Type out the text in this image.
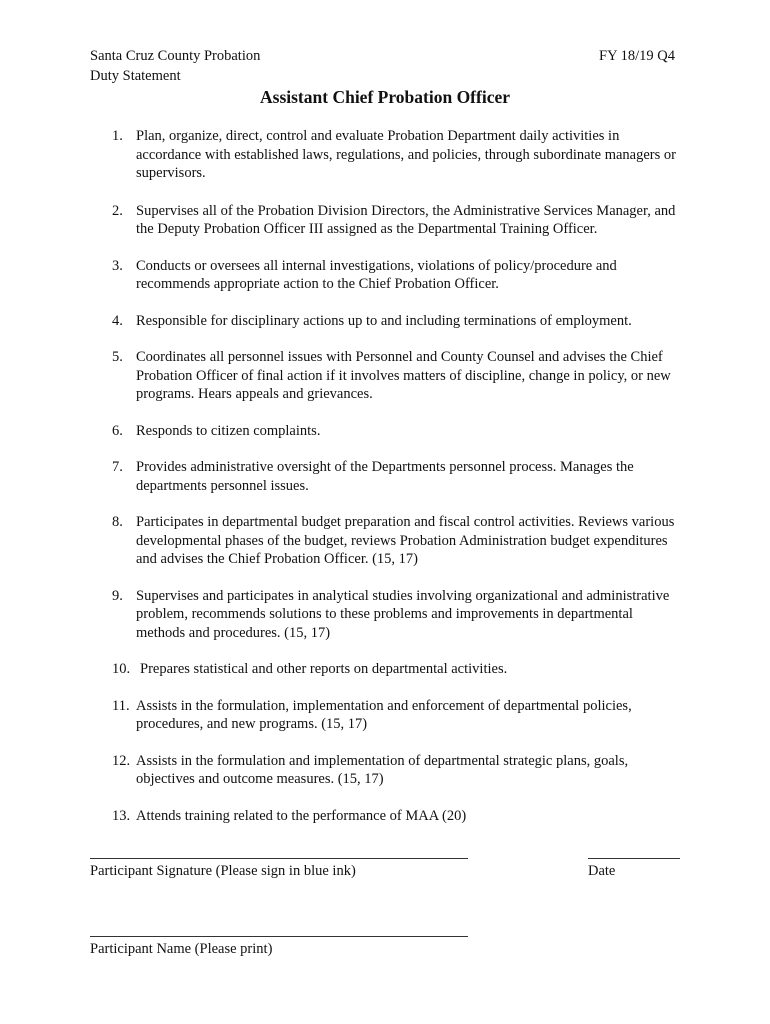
Santa Cruz County Probation
Duty Statement
FY 18/19 Q4
Assistant Chief Probation Officer
1. Plan, organize, direct, control and evaluate Probation Department daily activities in accordance with established laws, regulations, and policies, through subordinate managers or supervisors.
2. Supervises all of the Probation Division Directors, the Administrative Services Manager, and the Deputy Probation Officer III assigned as the Departmental Training Officer.
3. Conducts or oversees all internal investigations, violations of policy/procedure and recommends appropriate action to the Chief Probation Officer.
4. Responsible for disciplinary actions up to and including terminations of employment.
5. Coordinates all personnel issues with Personnel and County Counsel and advises the Chief Probation Officer of final action if it involves matters of discipline, change in policy, or new programs. Hears appeals and grievances.
6. Responds to citizen complaints.
7. Provides administrative oversight of the Departments personnel process. Manages the departments personnel issues.
8. Participates in departmental budget preparation and fiscal control activities. Reviews various developmental phases of the budget, reviews Probation Administration budget expenditures and advises the Chief Probation Officer. (15, 17)
9. Supervises and participates in analytical studies involving organizational and administrative problem, recommends solutions to these problems and improvements in departmental methods and procedures. (15, 17)
10. Prepares statistical and other reports on departmental activities.
11. Assists in the formulation, implementation and enforcement of departmental policies, procedures, and new programs. (15, 17)
12. Assists in the formulation and implementation of departmental strategic plans, goals, objectives and outcome measures. (15, 17)
13. Attends training related to the performance of MAA (20)
Participant Signature (Please sign in blue ink)	Date
Participant Name (Please print)
